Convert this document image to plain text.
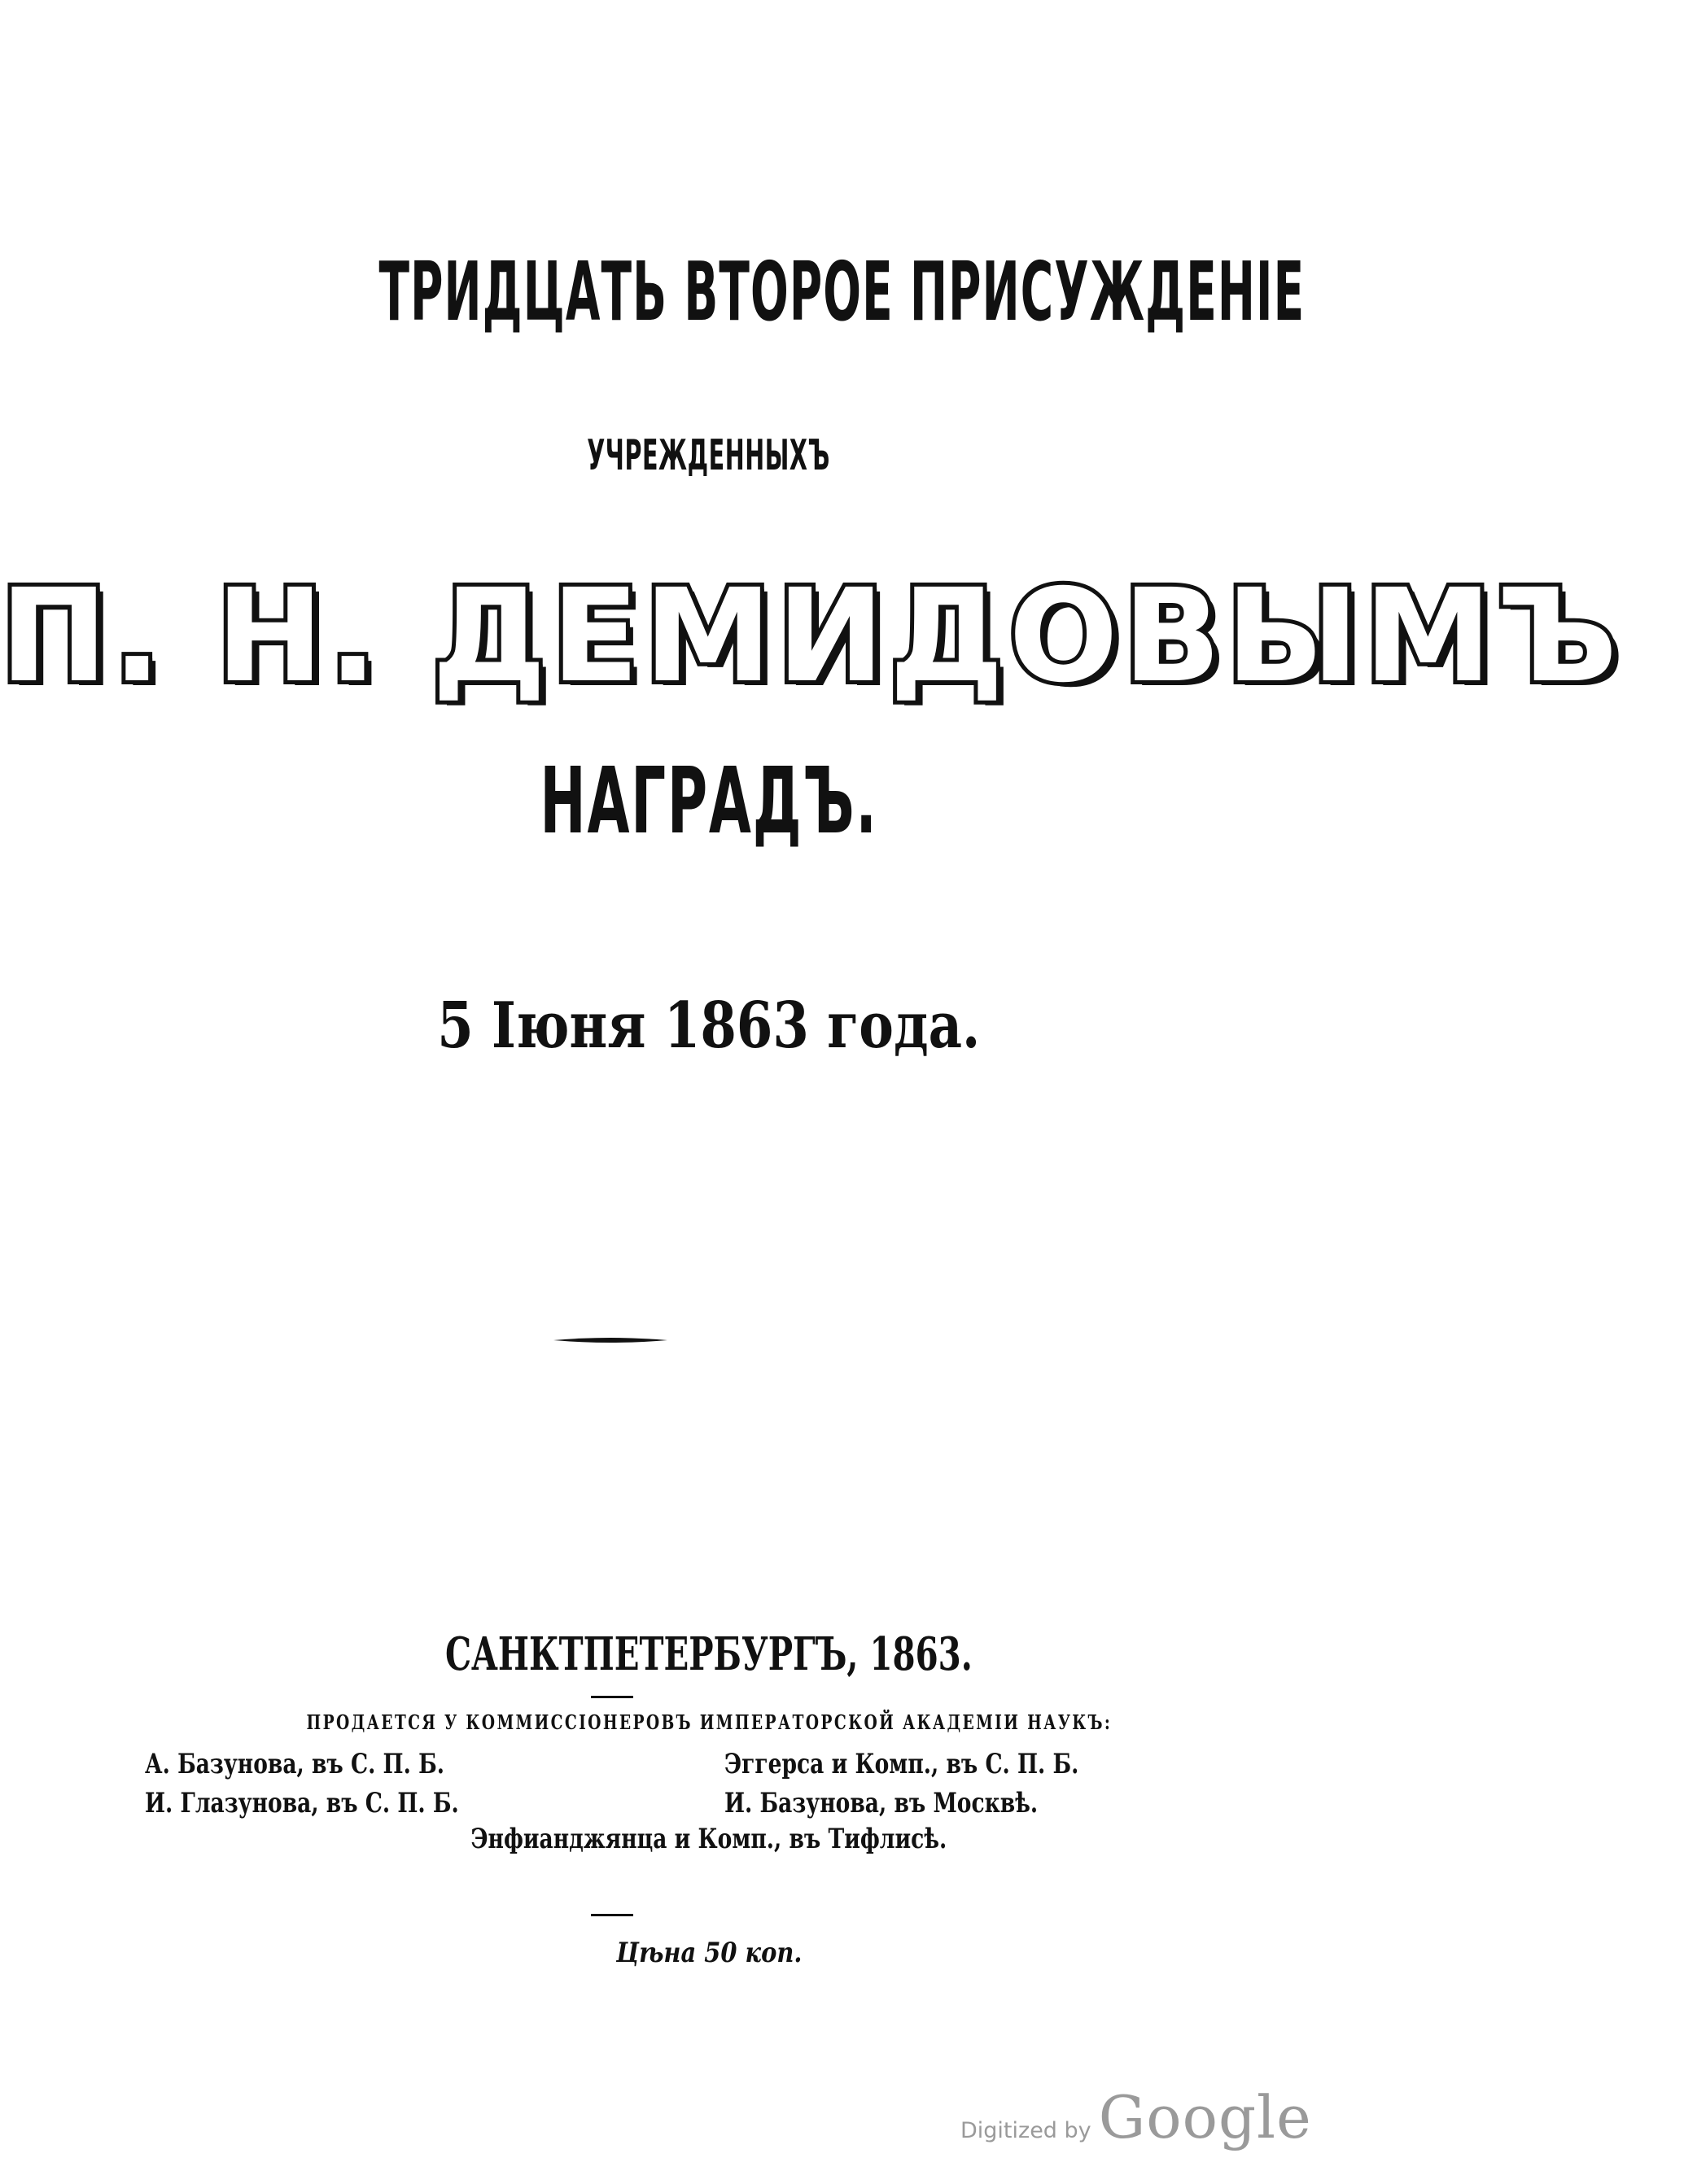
ТРИДЦАТЬ ВТОРОЕ ПРИСУЖДЕНІЕ
УЧРЕЖДЕННЫХЪ
П. Н. ДЕМИДОВЫМЪ
НАГРАДЪ.
5 Іюня 1863 года.
САНКТПЕТЕРБУРГЪ, 1863.
ПРОДАЕТСЯ У КОММИССІОНЕРОВЪ ИМПЕРАТОРСКОЙ АКАДЕМІИ НАУКЪ:
А. Базунова, въ С. П. Б.	Эггерса и Комп., въ С. П. Б.
И. Глазунова, въ С. П. Б.	И. Базунова, въ Москвѣ.
Энфианджянца и Комп., въ Тифлисѣ.
Цѣна 50 коп.
Digitized by Google
